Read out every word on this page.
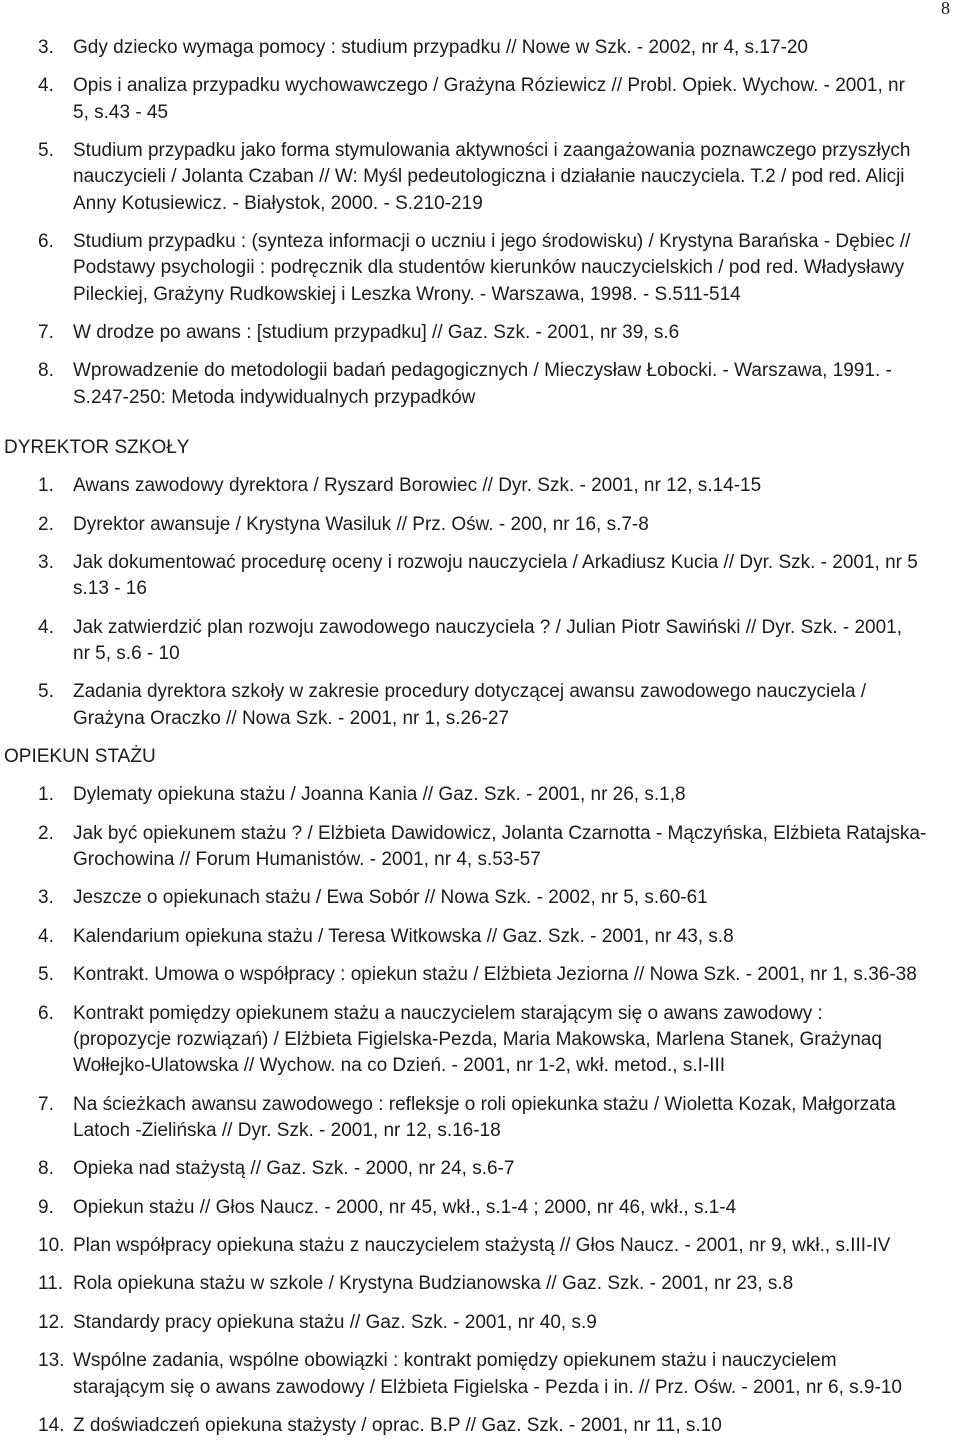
8
3. Gdy dziecko wymaga pomocy : studium przypadku // Nowe w Szk. - 2002, nr 4, s.17-20
4. Opis i analiza przypadku wychowawczego / Grażyna Róziewicz // Probl. Opiek. Wychow. - 2001, nr
5, s.43 - 45
5. Studium przypadku jako forma stymulowania aktywności i zaangażowania poznawczego przyszłych
nauczycieli / Jolanta Czaban // W: Myśl pedeutologiczna i działanie nauczyciela. T.2 / pod red. Alicji
Anny Kotusiewicz. - Białystok, 2000. - S.210-219
6. Studium przypadku : (synteza informacji o uczniu i jego środowisku) / Krystyna Barańska - Dębiec //
Podstawy psychologii : podręcznik dla studentów kierunków nauczycielskich / pod red. Władysławy
Pileckiej, Grażyny Rudkowskiej i Leszka Wrony. - Warszawa, 1998. - S.511-514
7. W drodze po awans : [studium przypadku] // Gaz. Szk. - 2001, nr 39, s.6
8. Wprowadzenie do metodologii badań pedagogicznych / Mieczysław Łobocki. - Warszawa, 1991. -
S.247-250: Metoda indywidualnych przypadków
DYREKTOR SZKOŁY
1. Awans zawodowy dyrektora / Ryszard Borowiec // Dyr. Szk. - 2001, nr 12, s.14-15
2. Dyrektor awansuje / Krystyna Wasiluk // Prz. Ośw. - 200, nr 16, s.7-8
3. Jak dokumentować procedurę oceny i rozwoju nauczyciela / Arkadiusz Kucia // Dyr. Szk. - 2001, nr 5
s.13 - 16
4. Jak zatwierdzić plan rozwoju zawodowego nauczyciela ? / Julian Piotr Sawiński // Dyr. Szk. - 2001,
nr 5, s.6 - 10
5. Zadania dyrektora szkoły w zakresie procedury dotyczącej awansu zawodowego nauczyciela /
Grażyna Oraczko // Nowa Szk. - 2001, nr 1, s.26-27
OPIEKUN STAŻU
1. Dylematy opiekuna stażu / Joanna Kania // Gaz. Szk. - 2001, nr 26, s.1,8
2. Jak być opiekunem stażu ? / Elżbieta Dawidowicz, Jolanta Czarnotta - Mączyńska, Elżbieta Ratajska-
Grochowina // Forum Humanistów. - 2001, nr 4, s.53-57
3. Jeszcze o opiekunach stażu / Ewa Sobór // Nowa Szk. - 2002, nr 5, s.60-61
4. Kalendarium opiekuna stażu / Teresa Witkowska // Gaz. Szk. - 2001, nr 43, s.8
5. Kontrakt. Umowa o współpracy : opiekun stażu / Elżbieta Jeziorna // Nowa Szk. - 2001, nr 1, s.36-38
6. Kontrakt pomiędzy opiekunem stażu a nauczycielem starającym się o awans zawodowy :
(propozycje rozwiązań) / Elżbieta Figielska-Pezda, Maria Makowska, Marlena Stanek, Grażynaq
Wołłejko-Ulatowska // Wychow. na co Dzień. - 2001, nr 1-2, wkł. metod., s.I-III
7. Na ścieżkach awansu zawodowego : refleksje o roli opiekunka stażu / Wioletta Kozak, Małgorzata
Latoch -Zielińska // Dyr. Szk. - 2001, nr 12, s.16-18
8. Opieka nad stażystą // Gaz. Szk. - 2000, nr 24, s.6-7
9. Opiekun stażu // Głos Naucz. - 2000, nr 45, wkł., s.1-4 ; 2000, nr 46, wkł., s.1-4
10. Plan współpracy opiekuna stażu z nauczycielem stażystą // Głos Naucz. - 2001, nr 9, wkł., s.III-IV
11. Rola opiekuna stażu w szkole / Krystyna Budzianowska // Gaz. Szk. - 2001, nr 23, s.8
12. Standardy pracy opiekuna stażu // Gaz. Szk. - 2001, nr 40, s.9
13. Wspólne zadania, wspólne obowiązki : kontrakt pomiędzy opiekunem stażu i nauczycielem
starającym się o awans zawodowy / Elżbieta Figielska - Pezda i in. // Prz. Ośw. - 2001, nr 6, s.9-10
14. Z doświadczeń opiekuna stażysty / oprac. B.P // Gaz. Szk. - 2001, nr 11, s.10
